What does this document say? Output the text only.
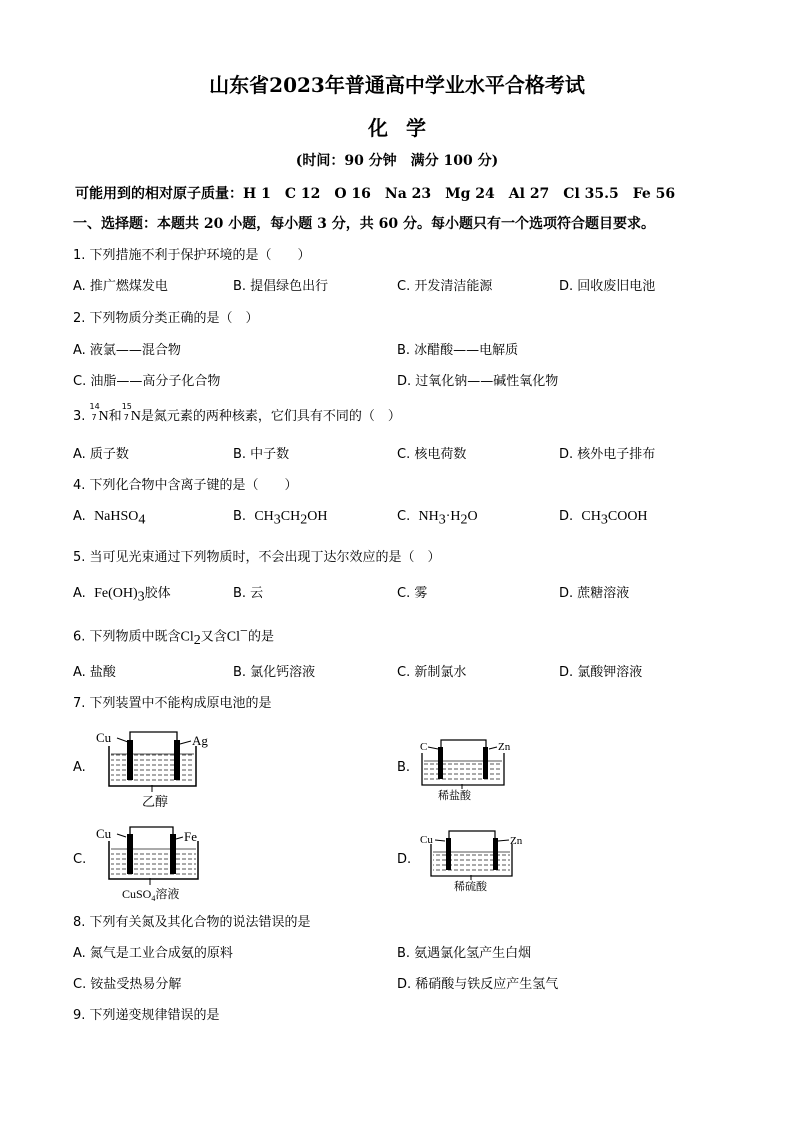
山东省2023年普通高中学业水平合格考试
化学
(时间：90 分钟　满分 100 分)
可能用到的相对原子质量：H 1　C 12　O 16　Na 23　Mg 24　Al 27　Cl 35.5　Fe 56
一、选择题：本题共 20 小题，每小题 3 分，共 60 分。每小题只有一个选项符合题目要求。
1. 下列措施不利于保护环境的是（　　）
A. 推广燃煤发电	B. 提倡绿色出行	C. 开发清洁能源	D. 回收废旧电池
2. 下列物质分类正确的是（　）
A. 液氯——混合物	B. 冰醋酸——电解质
C. 油脂——高分子化合物	D. 过氧化钠——碱性氧化物
3.
14
7 N和
15
7 N是氮元素的两种核素，它们具有不同的（　）
A. 质子数	B. 中子数	C. 核电荷数	D. 核外电子排布
4. 下列化合物中含离子键的是（　　）
A. NaHSO$_4$	B. $CH_3CH_2OH$	C. $NH_3\cdot H_2O$	D. $CH_3COOH$
5. 当可见光束通过下列物质时，不会出现丁达尔效应的是（　）
A. $Fe(OH)_3$胶体	B. 云	C. 雾	D. 蔗糖溶液
6. 下列物质中既含$Cl_2$又含Cl−的是
A. 盐酸	B. 氯化钙溶液	C. 新制氯水	D. 氯酸钾溶液
7. 下列装置中不能构成原电池的是
A.	B.
C.	D.
Cu	Ag
乙醇
C	Zn
稀盐酸
Cu	Fe
CuSO$_4$溶液
Cu	Zn
稀硫酸
8. 下列有关氮及其化合物的说法错误的是
A. 氮气是工业合成氨的原料	B. 氨遇氯化氢产生白烟
C. 铵盐受热易分解	D. 稀硝酸与铁反应产生氢气
9. 下列递变规律错误的是
